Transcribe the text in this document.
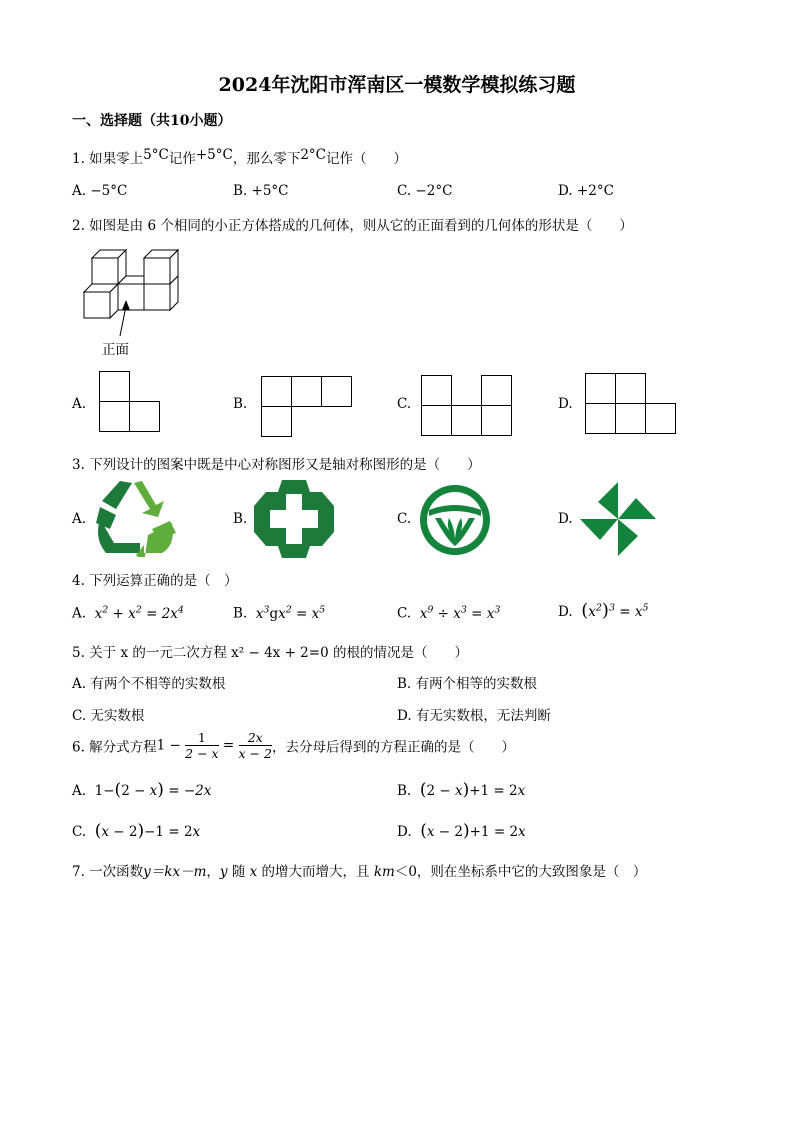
2024年沈阳市浑南区一模数学模拟练习题
一、选择题（共10小题）
1. 如果零上5°C记作+5°C，那么零下2°C记作（　　）
A. −5°C	B. +5°C	C. −2°C	D. +2°C
2. 如图是由 6 个相同的小正方体搭成的几何体，则从它的正面看到的几何体的形状是（　　）
正面
A.	B.	C.	D.
3. 下列设计的图案中既是中心对称图形又是轴对称图形的是（　　）
A.	B.	C.	D.
4. 下列运算正确的是（　）
A.  $x^2 + x^2 = 2x^4$	B.  $x^3gx^2 = x^5$	C.  $x^9 \div x^3 = x^3$	D. $(x^2)^3 = x^5$
5. 关于 x 的一元二次方程 x² − 4x + 2=0 的根的情况是（　　）
A. 有两个不相等的实数根	B. 有两个相等的实数根
C. 无实数根	D. 有无实数根，无法判断
6. 解分式方程$1 - \frac{1}{2 - x} = \frac{2x}{x - 2}$ ，去分母后得到的方程正确的是（　　）
A. 1−(2 − x) = −2x	B. (2 − x)+1 = 2x
C. (x − 2)−1 = 2x	D. (x − 2)+1 = 2x
7. 一次函数y＝kx－m，y 随 x 的增大而增大，且 km＜0，则在坐标系中它的大致图象是（　）
